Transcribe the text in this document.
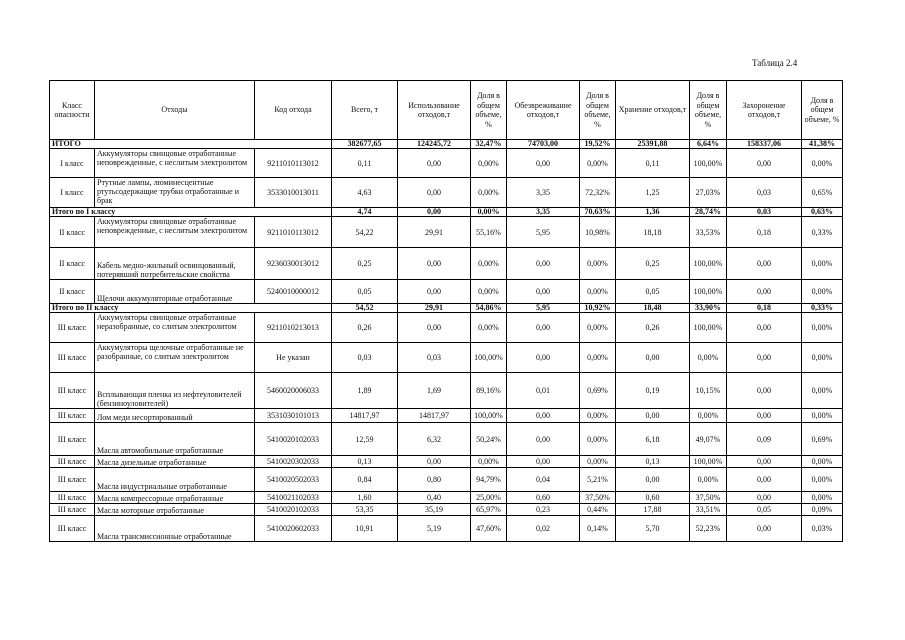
Таблица 2.4
Класс опасности	Отходы	Код отхода	Всего, т	Использование отходов,т	Доля в общем объеме, %	Обезвреживание отходов,т	Доля в общем объеме, %	Хранение отходов,т	Доля в общем объеме, %	Захоронение отходов,т	Доля в общем объеме, %
ИТОГО			382677,65	124245,72	32,47%	74703,00	19,52%	25391,88	6,64%	158337,06	41,38%
I класс	Аккумуляторы свинцовые отработанные неповрежденные, с неслитым электролитом	9211010113012	0,11	0,00	0,00%	0,00	0,00%	0,11	100,00%	0,00	0,00%
I класс	Ртутные лампы, люминесцентные ртутьсодержащие трубки отработанные и брак	3533010013011	4,63	0,00	0,00%	3,35	72,32%	1,25	27,03%	0,03	0,65%
Итого по I классу			4,74	0,00	0,00%	3,35	70,63%	1,36	28,74%	0,03	0,63%
II класс	Аккумуляторы свинцовые отработанные неповрежденные, с неслитым электролитом	9211010113012	54,22	29,91	55,16%	5,95	10,98%	18,18	33,53%	0,18	0,33%
II класс	Кабель медно-жильный освинцованный, потерявший потребительские свойства	9236030013012	0,25	0,00	0,00%	0,00	0,00%	0,25	100,00%	0,00	0,00%
II класс	Щелочи аккумуляторные отработанные	5240010000012	0,05	0,00	0,00%	0,00	0,00%	0,05	100,00%	0,00	0,00%
Итого по II классу			54,52	29,91	54,86%	5,95	10,92%	18,48	33,90%	0,18	0,33%
III класс	Аккумуляторы свинцовые отработанные неразобранные, со слитым электролитом	9211010213013	0,26	0,00	0,00%	0,00	0,00%	0,26	100,00%	0,00	0,00%
III класс	Аккумуляторы щелочные отработанные не разобранные, со слитым электролитом	Не указан	0,03	0,03	100,00%	0,00	0,00%	0,00	0,00%	0,00	0,00%
III класс	Всплывающая пленка из нефтеуловителей (бензиноуловителей)	5460020006033	1,89	1,69	89,16%	0,01	0,69%	0,19	10,15%	0,00	0,00%
III класс	Лом меди несортированный	3531030101013	14817,97	14817,97	100,00%	0,00	0,00%	0,00	0,00%	0,00	0,00%
III класс	Масла автомобильные отработанные	5410020102033	12,59	6,32	50,24%	0,00	0,00%	6,18	49,07%	0,09	0,69%
III класс	Масла дизельные отработанные	5410020302033	0,13	0,00	0,00%	0,00	0,00%	0,13	100,00%	0,00	0,00%
III класс	Масла индустриальные отработанные	5410020502033	0,84	0,80	94,79%	0,04	5,21%	0,00	0,00%	0,00	0,00%
III класс	Масла компрессорные отработанные	5410021102033	1,60	0,40	25,00%	0,60	37,50%	0,60	37,50%	0,00	0,00%
III класс	Масла моторные отработанные	5410020102033	53,35	35,19	65,97%	0,23	0,44%	17,88	33,51%	0,05	0,09%
III класс	Масла трансмиссионные отработанные	5410020602033	10,91	5,19	47,60%	0,02	0,14%	5,70	52,23%	0,00	0,03%
